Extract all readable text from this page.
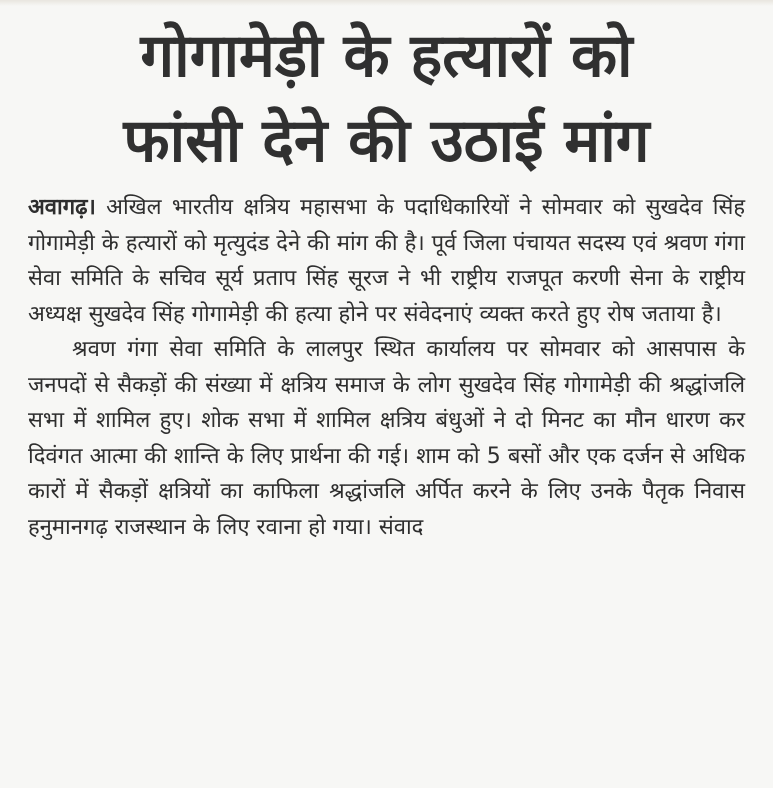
गोगामेड़ी के हत्यारों को
फांसी देने की उठाई मांग

अवागढ़। अखिल भारतीय क्षत्रिय महासभा के पदाधिकारियों ने सोमवार को सुखदेव सिंह गोगामेड़ी के हत्यारों को मृत्युदंड देने की मांग की है। पूर्व जिला पंचायत सदस्य एवं श्रवण गंगा सेवा समिति के सचिव सूर्य प्रताप सिंह सूरज ने भी राष्ट्रीय राजपूत करणी सेना के राष्ट्रीय अध्यक्ष सुखदेव सिंह गोगामेड़ी की हत्या होने पर संवेदनाएं व्यक्त करते हुए रोष जताया है।

श्रवण गंगा सेवा समिति के लालपुर स्थित कार्यालय पर सोमवार को आसपास के जनपदों से सैकड़ों की संख्या में क्षत्रिय समाज के लोग सुखदेव सिंह गोगामेड़ी की श्रद्धांजलि सभा में शामिल हुए। शोक सभा में शामिल क्षत्रिय बंधुओं ने दो मिनट का मौन धारण कर दिवंगत आत्मा की शान्ति के लिए प्रार्थना की गई। शाम को 5 बसों और एक दर्जन से अधिक कारों में सैकड़ों क्षत्रियों का काफिला श्रद्धांजलि अर्पित करने के लिए उनके पैतृक निवास हनुमानगढ़ राजस्थान के लिए रवाना हो गया। संवाद
